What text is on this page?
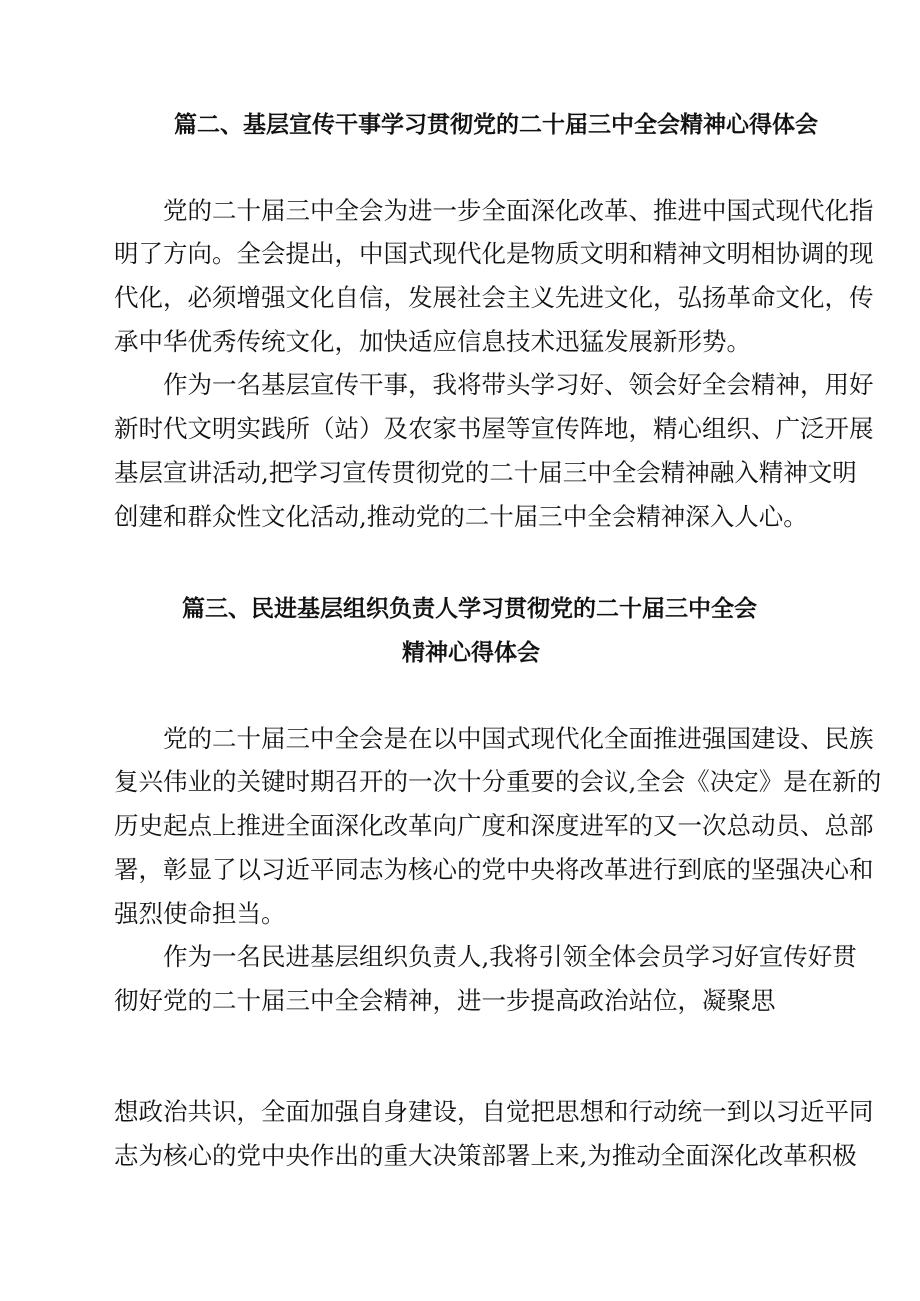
篇二、基层宣传干事学习贯彻党的二十届三中全会精神心得体会
党的二十届三中全会为进一步全面深化改革、推进中国式现代化指
明了方向。全会提出，中国式现代化是物质文明和精神文明相协调的现
代化，必须增强文化自信，发展社会主义先进文化，弘扬革命文化，传
承中华优秀传统文化，加快适应信息技术迅猛发展新形势。
作为一名基层宣传干事，我将带头学习好、领会好全会精神，用好
新时代文明实践所（站）及农家书屋等宣传阵地，精心组织、广泛开展
基层宣讲活动,把学习宣传贯彻党的二十届三中全会精神融入精神文明
创建和群众性文化活动,推动党的二十届三中全会精神深入人心。
篇三、民进基层组织负责人学习贯彻党的二十届三中全会
精神心得体会
党的二十届三中全会是在以中国式现代化全面推进强国建设、民族
复兴伟业的关键时期召开的一次十分重要的会议,全会《决定》是在新的
历史起点上推进全面深化改革向广度和深度进军的又一次总动员、总部
署，彰显了以习近平同志为核心的党中央将改革进行到底的坚强决心和
强烈使命担当。
作为一名民进基层组织负责人,我将引领全体会员学习好宣传好贯
彻好党的二十届三中全会精神，进一步提高政治站位，凝聚思
想政治共识，全面加强自身建设，自觉把思想和行动统一到以习近平同
志为核心的党中央作出的重大决策部署上来,为推动全面深化改革积极
